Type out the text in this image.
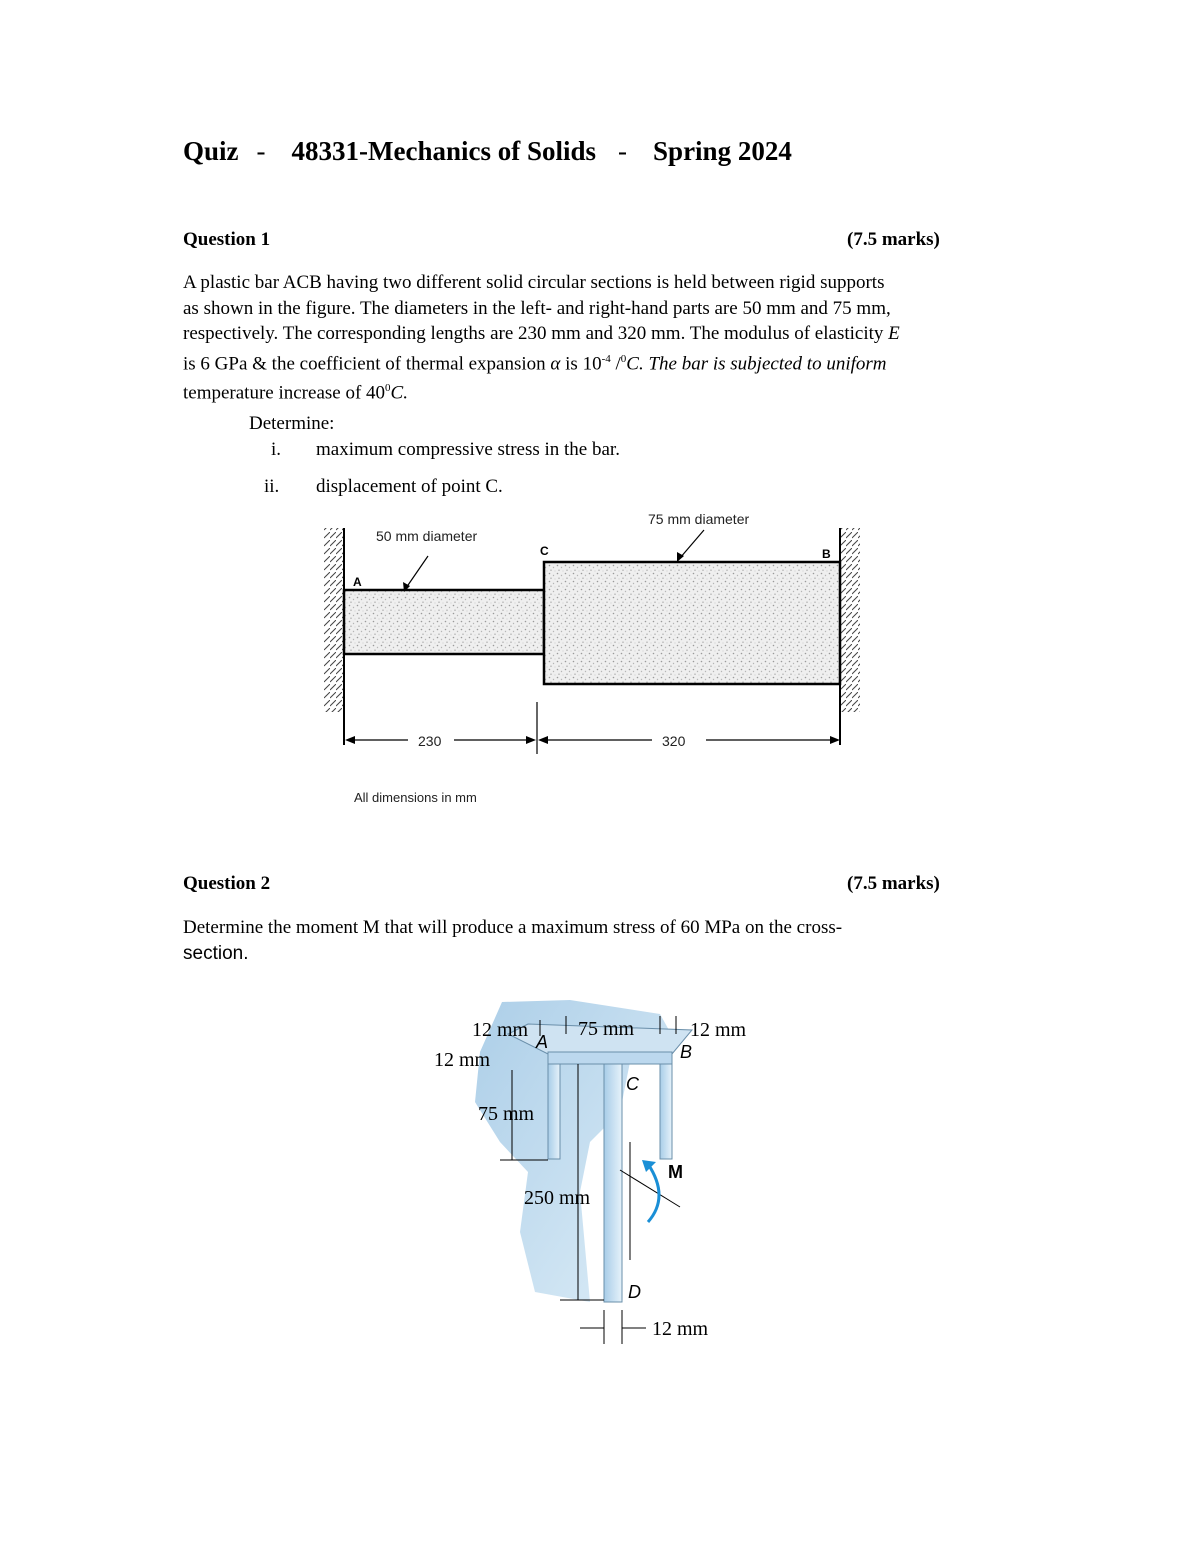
Quiz - 48331-Mechanics of Solids - Spring 2024
Question 1	(7.5 marks)

A plastic bar ACB having two different solid circular sections is held between rigid supports

as shown in the figure. The diameters in the left- and right-hand parts are 50 mm and 75 mm,

respectively. The corresponding lengths are 230 mm and 320 mm. The modulus of elasticity E

is 6 GPa & the coefficient of thermal expansion α is $10^{-4}$ /$^0$C. The bar is subjected to uniform

temperature increase of $40^0C$.

Determine:
i. maximum compressive stress in the bar.
ii. displacement of point C.
A
C	B
50 mm diameter
75 mm diameter
230	320
All dimensions in mm
Question 2	(7.5 marks)

Determine the moment M that will produce a maximum stress of 60 MPa on the cross-

section.

12 mm 75 mm	12 mm
12 mm
75 mm
250 mm
12 mm
A	B
C
D
M
